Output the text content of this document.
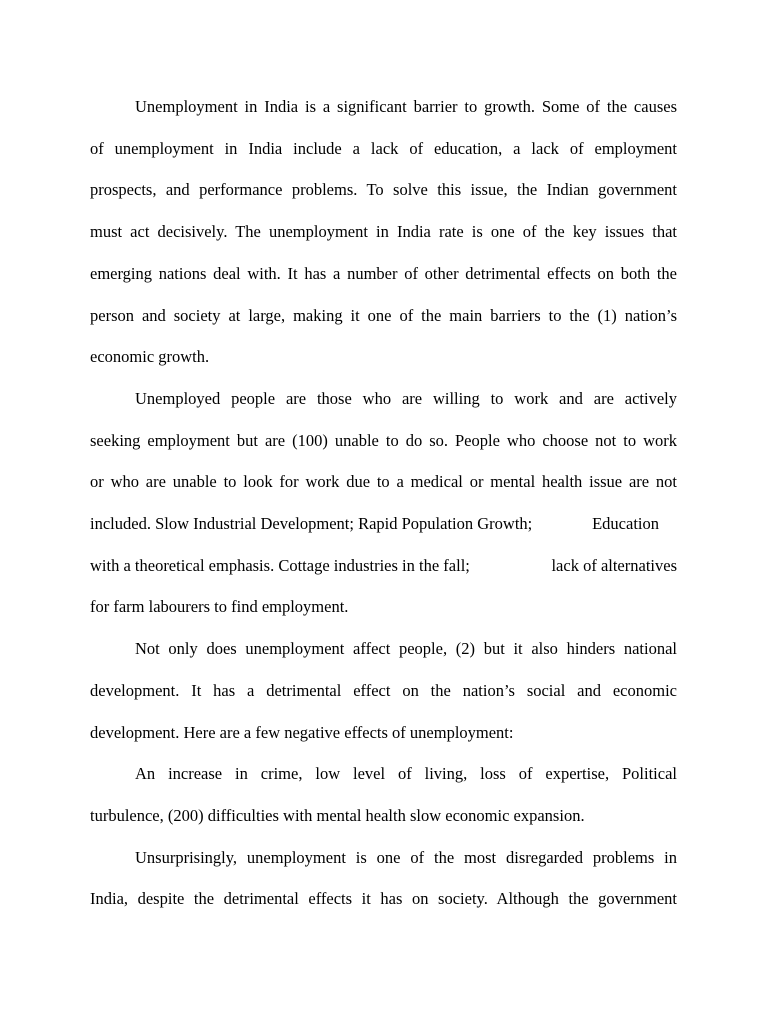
Unemployment in India is a significant barrier to growth. Some of the causes
of unemployment in India include a lack of education, a lack of employment
prospects, and performance problems. To solve this issue, the Indian government
must act decisively. The unemployment in India rate is one of the key issues that
emerging nations deal with. It has a number of other detrimental effects on both the
person and society at large, making it one of the main barriers to the (1) nation’s
economic growth.
Unemployed people are those who are willing to work and are actively
seeking employment but are (100) unable to do so. People who choose not to work
or who are unable to look for work due to a medical or mental health issue are not
included. Slow Industrial Development; Rapid Population Growth;	Education
with a theoretical emphasis. Cottage industries in the fall;	lack of alternatives
for farm labourers to find employment.
Not only does unemployment affect people, (2) but it also hinders national
development. It has a detrimental effect on the nation’s social and economic
development. Here are a few negative effects of unemployment:
An increase in crime, low level of living, loss of expertise, Political
turbulence, (200) difficulties with mental health slow economic expansion.
Unsurprisingly, unemployment is one of the most disregarded problems in
India, despite the detrimental effects it has on society. Although the government
